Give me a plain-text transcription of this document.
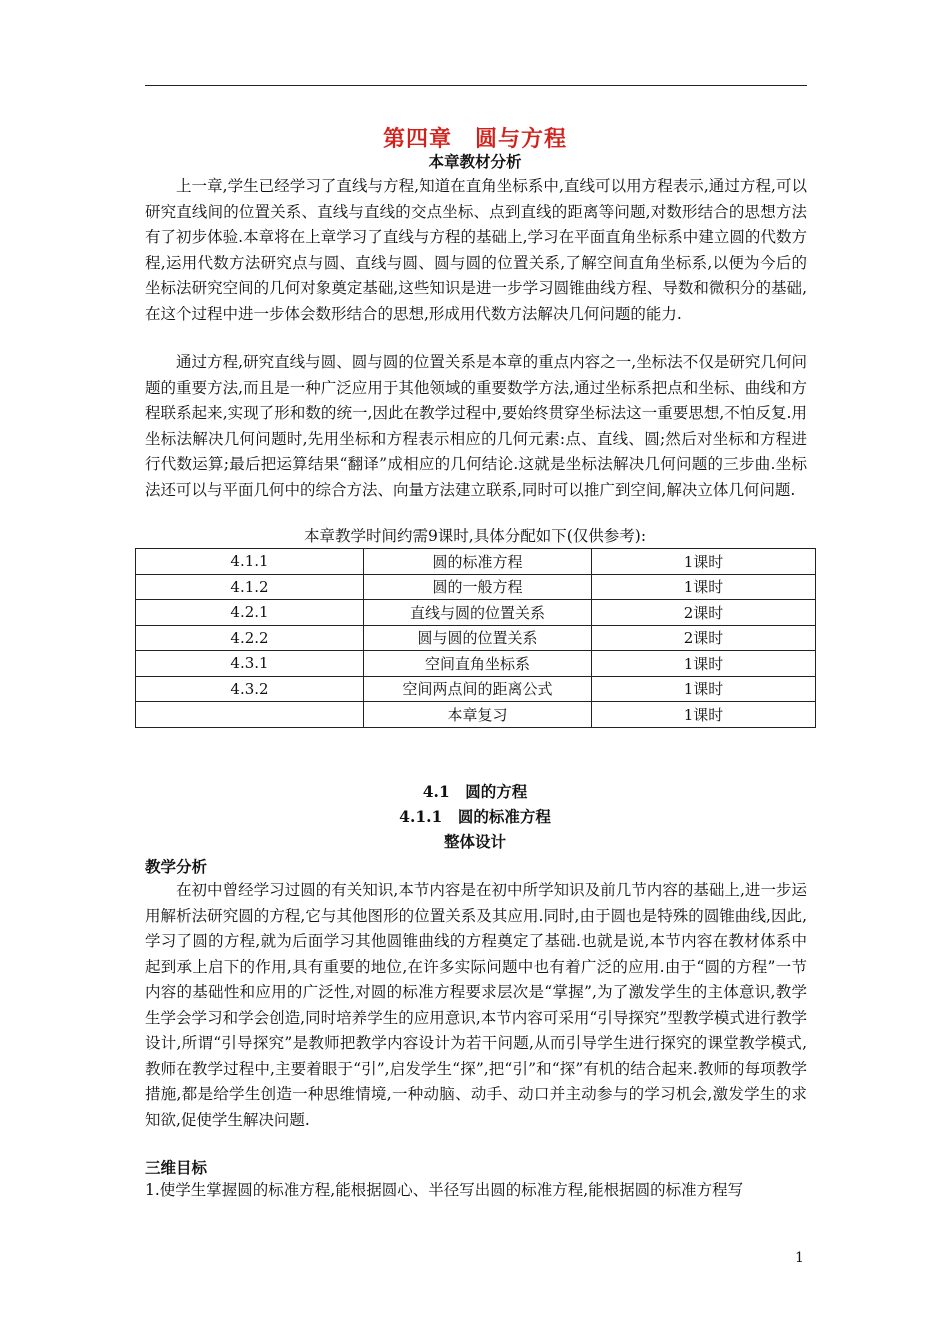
第四章　圆与方程
本章教材分析

上一章,学生已经学习了直线与方程,知道在直角坐标系中,直线可以用方程表示,通过方程,可以研究直线间的位置关系、直线与直线的交点坐标、点到直线的距离等问题,对数形结合的思想方法有了初步体验.本章将在上章学习了直线与方程的基础上,学习在平面直角坐标系中建立圆的代数方程,运用代数方法研究点与圆、直线与圆、圆与圆的位置关系,了解空间直角坐标系,以便为今后的坐标法研究空间的几何对象奠定基础,这些知识是进一步学习圆锥曲线方程、导数和微积分的基础,在这个过程中进一步体会数形结合的思想,形成用代数方法解决几何问题的能力.

通过方程,研究直线与圆、圆与圆的位置关系是本章的重点内容之一,坐标法不仅是研究几何问题的重要方法,而且是一种广泛应用于其他领域的重要数学方法,通过坐标系把点和坐标、曲线和方程联系起来,实现了形和数的统一,因此在教学过程中,要始终贯穿坐标法这一重要思想,不怕反复.用坐标法解决几何问题时,先用坐标和方程表示相应的几何元素:点、直线、圆;然后对坐标和方程进行代数运算;最后把运算结果“翻译”成相应的几何结论.这就是坐标法解决几何问题的三步曲.坐标法还可以与平面几何中的综合方法、向量方法建立联系,同时可以推广到空间,解决立体几何问题.

本章教学时间约需9课时,具体分配如下(仅供参考):
4.1.1	圆的标准方程	1课时
4.1.2	圆的一般方程	1课时
4.2.1	直线与圆的位置关系	2课时
4.2.2	圆与圆的位置关系	2课时
4.3.1	空间直角坐标系	1课时
4.3.2	空间两点间的距离公式	1课时
	本章复习	1课时
4.1　圆的方程
4.1.1　圆的标准方程
整体设计
教学分析

在初中曾经学习过圆的有关知识,本节内容是在初中所学知识及前几节内容的基础上,进一步运用解析法研究圆的方程,它与其他图形的位置关系及其应用.同时,由于圆也是特殊的圆锥曲线,因此,学习了圆的方程,就为后面学习其他圆锥曲线的方程奠定了基础.也就是说,本节内容在教材体系中起到承上启下的作用,具有重要的地位,在许多实际问题中也有着广泛的应用.由于“圆的方程”一节内容的基础性和应用的广泛性,对圆的标准方程要求层次是“掌握”,为了激发学生的主体意识,教学生学会学习和学会创造,同时培养学生的应用意识,本节内容可采用“引导探究”型教学模式进行教学设计,所谓“引导探究”是教师把教学内容设计为若干问题,从而引导学生进行探究的课堂教学模式,教师在教学过程中,主要着眼于“引”,启发学生“探”,把“引”和“探”有机的结合起来.教师的每项教学措施,都是给学生创造一种思维情境,一种动脑、动手、动口并主动参与的学习机会,激发学生的求知欲,促使学生解决问题.

三维目标

1.使学生掌握圆的标准方程,能根据圆心、半径写出圆的标准方程,能根据圆的标准方程写

1
